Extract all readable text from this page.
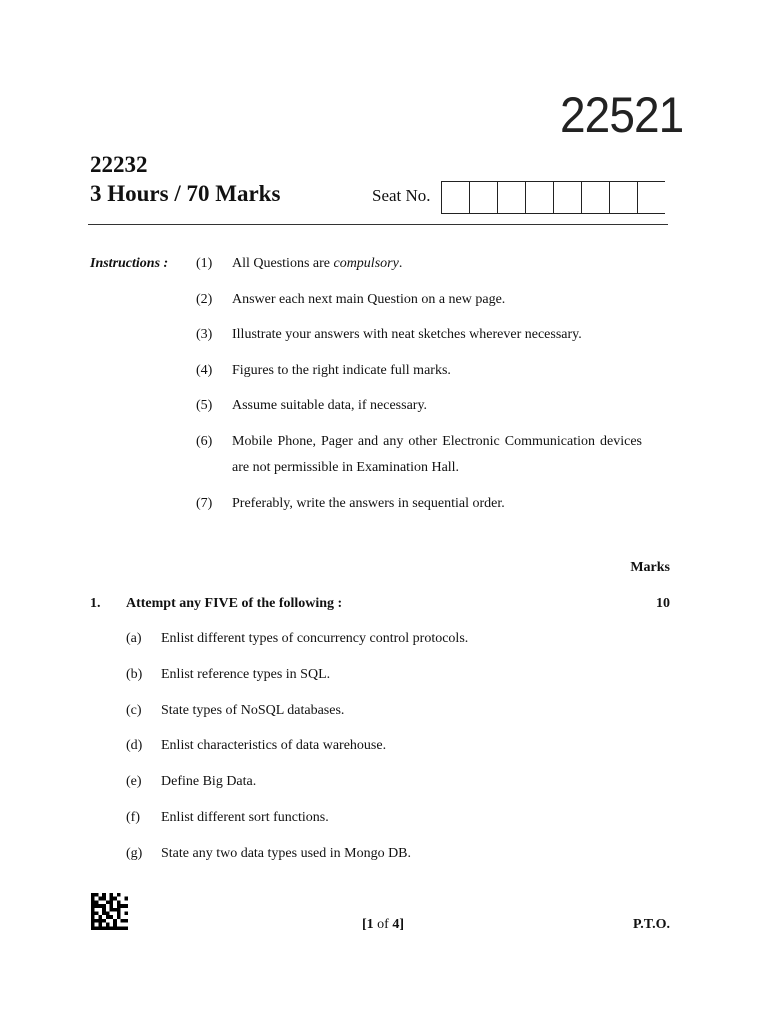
22521
22232
3 Hours / 70 Marks	Seat No.
Instructions : (1) All Questions are compulsory.
(2) Answer each next main Question on a new page.
(3) Illustrate your answers with neat sketches wherever necessary.
(4) Figures to the right indicate full marks.
(5) Assume suitable data, if necessary.
(6) Mobile Phone, Pager and any other Electronic Communication devices are not permissible in Examination Hall.
(7) Preferably, write the answers in sequential order.
Marks
1. Attempt any FIVE of the following :	10
(a) Enlist different types of concurrency control protocols.
(b) Enlist reference types in SQL.
(c) State types of NoSQL databases.
(d) Enlist characteristics of data warehouse.
(e) Define Big Data.
(f) Enlist different sort functions.
(g) State any two data types used in Mongo DB.
[1 of 4]	P.T.O.
